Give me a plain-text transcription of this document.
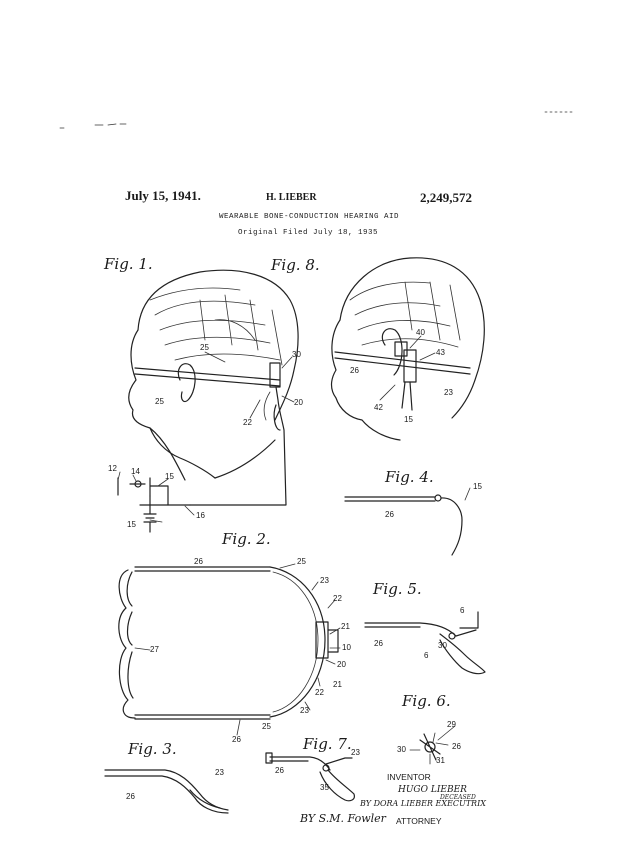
July 15, 1941.	H. LIEBER	2,249,572
WEARABLE BONE-CONDUCTION HEARING AID
Original Filed July 18, 1935
Fig. 1.	Fig. 8.
Fig. 4.
Fig. 2.
Fig. 5.
Fig. 6.
Fig. 3.	Fig. 7.
25
25
30
20
22
12 14
15
16
15
40
43
26
23
42
15
15
26
26	25
23
22
21
10
20
21
22
23
27
26
25
30
6
26
6
29
30	26
31
23
26
35
23
26
INVENTOR
HUGO LIEBER
DECEASED
BY DORA LIEBER EXECUTRIX
BY S.M. Fowler ATTORNEY
